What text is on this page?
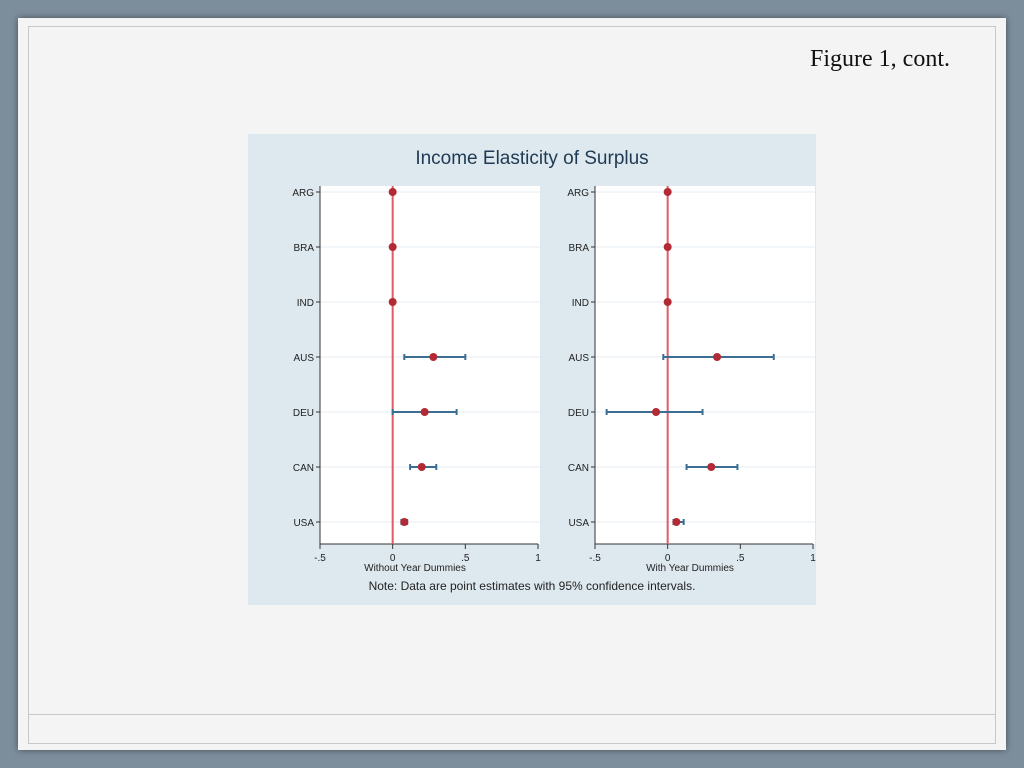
Figure 1, cont.
Income Elasticity of Surplus
ARG
BRA
IND
AUS
DEU
CAN
USA
-.5	0	.5	1
Without Year Dummies
ARG
BRA
IND
AUS
DEU
CAN
USA
-.5	0	.5	1
With Year Dummies
Note: Data are point estimates with 95% confidence intervals.
